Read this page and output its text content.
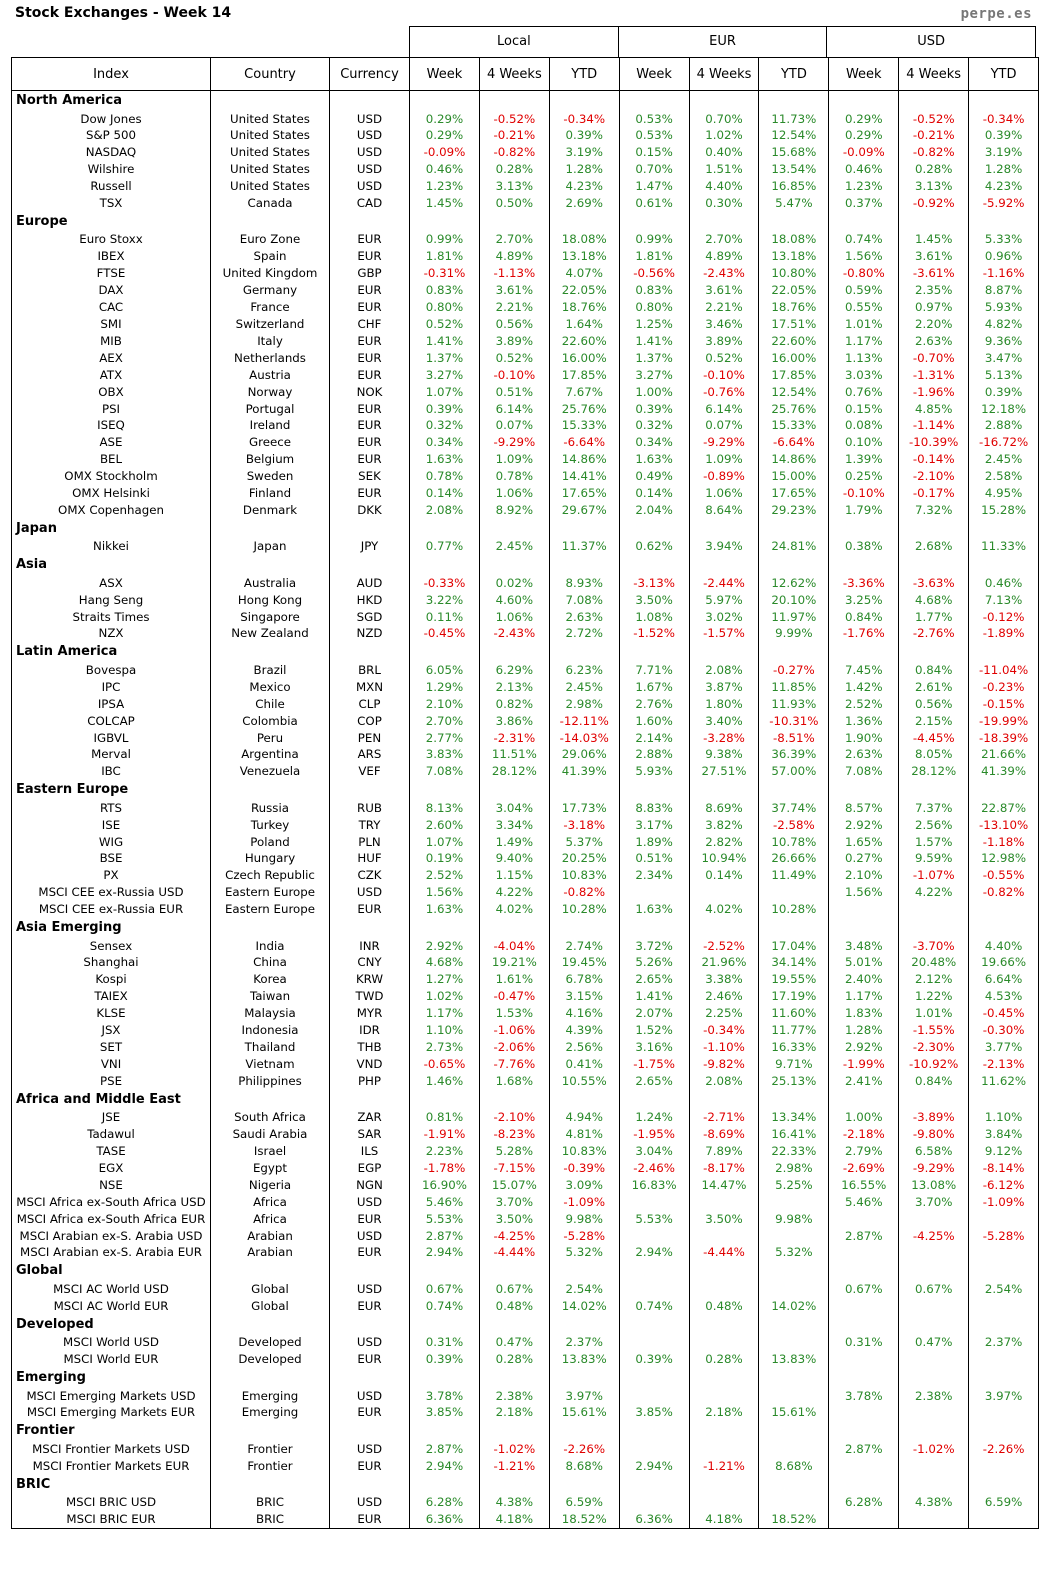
Stock Exchanges - Week 14	perpe.es
Local	EUR	USD
Index	Country	Currency	Week	4 Weeks	YTD	Week	4 Weeks	YTD	Week	4 Weeks	YTD
North America											
Dow Jones	United States	USD	0.29%	-0.52%	-0.34%	0.53%	0.70%	11.73%	0.29%	-0.52%	-0.34%
S&P 500	United States	USD	0.29%	-0.21%	0.39%	0.53%	1.02%	12.54%	0.29%	-0.21%	0.39%
NASDAQ	United States	USD	-0.09%	-0.82%	3.19%	0.15%	0.40%	15.68%	-0.09%	-0.82%	3.19%
Wilshire	United States	USD	0.46%	0.28%	1.28%	0.70%	1.51%	13.54%	0.46%	0.28%	1.28%
Russell	United States	USD	1.23%	3.13%	4.23%	1.47%	4.40%	16.85%	1.23%	3.13%	4.23%
TSX	Canada	CAD	1.45%	0.50%	2.69%	0.61%	0.30%	5.47%	0.37%	-0.92%	-5.92%
Europe											
Euro Stoxx	Euro Zone	EUR	0.99%	2.70%	18.08%	0.99%	2.70%	18.08%	0.74%	1.45%	5.33%
IBEX	Spain	EUR	1.81%	4.89%	13.18%	1.81%	4.89%	13.18%	1.56%	3.61%	0.96%
FTSE	United Kingdom	GBP	-0.31%	-1.13%	4.07%	-0.56%	-2.43%	10.80%	-0.80%	-3.61%	-1.16%
DAX	Germany	EUR	0.83%	3.61%	22.05%	0.83%	3.61%	22.05%	0.59%	2.35%	8.87%
CAC	France	EUR	0.80%	2.21%	18.76%	0.80%	2.21%	18.76%	0.55%	0.97%	5.93%
SMI	Switzerland	CHF	0.52%	0.56%	1.64%	1.25%	3.46%	17.51%	1.01%	2.20%	4.82%
MIB	Italy	EUR	1.41%	3.89%	22.60%	1.41%	3.89%	22.60%	1.17%	2.63%	9.36%
AEX	Netherlands	EUR	1.37%	0.52%	16.00%	1.37%	0.52%	16.00%	1.13%	-0.70%	3.47%
ATX	Austria	EUR	3.27%	-0.10%	17.85%	3.27%	-0.10%	17.85%	3.03%	-1.31%	5.13%
OBX	Norway	NOK	1.07%	0.51%	7.67%	1.00%	-0.76%	12.54%	0.76%	-1.96%	0.39%
PSI	Portugal	EUR	0.39%	6.14%	25.76%	0.39%	6.14%	25.76%	0.15%	4.85%	12.18%
ISEQ	Ireland	EUR	0.32%	0.07%	15.33%	0.32%	0.07%	15.33%	0.08%	-1.14%	2.88%
ASE	Greece	EUR	0.34%	-9.29%	-6.64%	0.34%	-9.29%	-6.64%	0.10%	-10.39%	-16.72%
BEL	Belgium	EUR	1.63%	1.09%	14.86%	1.63%	1.09%	14.86%	1.39%	-0.14%	2.45%
OMX Stockholm	Sweden	SEK	0.78%	0.78%	14.41%	0.49%	-0.89%	15.00%	0.25%	-2.10%	2.58%
OMX Helsinki	Finland	EUR	0.14%	1.06%	17.65%	0.14%	1.06%	17.65%	-0.10%	-0.17%	4.95%
OMX Copenhagen	Denmark	DKK	2.08%	8.92%	29.67%	2.04%	8.64%	29.23%	1.79%	7.32%	15.28%
Japan											
Nikkei	Japan	JPY	0.77%	2.45%	11.37%	0.62%	3.94%	24.81%	0.38%	2.68%	11.33%
Asia											
ASX	Australia	AUD	-0.33%	0.02%	8.93%	-3.13%	-2.44%	12.62%	-3.36%	-3.63%	0.46%
Hang Seng	Hong Kong	HKD	3.22%	4.60%	7.08%	3.50%	5.97%	20.10%	3.25%	4.68%	7.13%
Straits Times	Singapore	SGD	0.11%	1.06%	2.63%	1.08%	3.02%	11.97%	0.84%	1.77%	-0.12%
NZX	New Zealand	NZD	-0.45%	-2.43%	2.72%	-1.52%	-1.57%	9.99%	-1.76%	-2.76%	-1.89%
Latin America											
Bovespa	Brazil	BRL	6.05%	6.29%	6.23%	7.71%	2.08%	-0.27%	7.45%	0.84%	-11.04%
IPC	Mexico	MXN	1.29%	2.13%	2.45%	1.67%	3.87%	11.85%	1.42%	2.61%	-0.23%
IPSA	Chile	CLP	2.10%	0.82%	2.98%	2.76%	1.80%	11.93%	2.52%	0.56%	-0.15%
COLCAP	Colombia	COP	2.70%	3.86%	-12.11%	1.60%	3.40%	-10.31%	1.36%	2.15%	-19.99%
IGBVL	Peru	PEN	2.77%	-2.31%	-14.03%	2.14%	-3.28%	-8.51%	1.90%	-4.45%	-18.39%
Merval	Argentina	ARS	3.83%	11.51%	29.06%	2.88%	9.38%	36.39%	2.63%	8.05%	21.66%
IBC	Venezuela	VEF	7.08%	28.12%	41.39%	5.93%	27.51%	57.00%	7.08%	28.12%	41.39%
Eastern Europe											
RTS	Russia	RUB	8.13%	3.04%	17.73%	8.83%	8.69%	37.74%	8.57%	7.37%	22.87%
ISE	Turkey	TRY	2.60%	3.34%	-3.18%	3.17%	3.82%	-2.58%	2.92%	2.56%	-13.10%
WIG	Poland	PLN	1.07%	1.49%	5.37%	1.89%	2.82%	10.78%	1.65%	1.57%	-1.18%
BSE	Hungary	HUF	0.19%	9.40%	20.25%	0.51%	10.94%	26.66%	0.27%	9.59%	12.98%
PX	Czech Republic	CZK	2.52%	1.15%	10.83%	2.34%	0.14%	11.49%	2.10%	-1.07%	-0.55%
MSCI CEE ex-Russia USD	Eastern Europe	USD	1.56%	4.22%	-0.82%				1.56%	4.22%	-0.82%
MSCI CEE ex-Russia EUR	Eastern Europe	EUR	1.63%	4.02%	10.28%	1.63%	4.02%	10.28%			
Asia Emerging											
Sensex	India	INR	2.92%	-4.04%	2.74%	3.72%	-2.52%	17.04%	3.48%	-3.70%	4.40%
Shanghai	China	CNY	4.68%	19.21%	19.45%	5.26%	21.96%	34.14%	5.01%	20.48%	19.66%
Kospi	Korea	KRW	1.27%	1.61%	6.78%	2.65%	3.38%	19.55%	2.40%	2.12%	6.64%
TAIEX	Taiwan	TWD	1.02%	-0.47%	3.15%	1.41%	2.46%	17.19%	1.17%	1.22%	4.53%
KLSE	Malaysia	MYR	1.17%	1.53%	4.16%	2.07%	2.25%	11.60%	1.83%	1.01%	-0.45%
JSX	Indonesia	IDR	1.10%	-1.06%	4.39%	1.52%	-0.34%	11.77%	1.28%	-1.55%	-0.30%
SET	Thailand	THB	2.73%	-2.06%	2.56%	3.16%	-1.10%	16.33%	2.92%	-2.30%	3.77%
VNI	Vietnam	VND	-0.65%	-7.76%	0.41%	-1.75%	-9.82%	9.71%	-1.99%	-10.92%	-2.13%
PSE	Philippines	PHP	1.46%	1.68%	10.55%	2.65%	2.08%	25.13%	2.41%	0.84%	11.62%
Africa and Middle East											
JSE	South Africa	ZAR	0.81%	-2.10%	4.94%	1.24%	-2.71%	13.34%	1.00%	-3.89%	1.10%
Tadawul	Saudi Arabia	SAR	-1.91%	-8.23%	4.81%	-1.95%	-8.69%	16.41%	-2.18%	-9.80%	3.84%
TASE	Israel	ILS	2.23%	5.28%	10.83%	3.04%	7.89%	22.33%	2.79%	6.58%	9.12%
EGX	Egypt	EGP	-1.78%	-7.15%	-0.39%	-2.46%	-8.17%	2.98%	-2.69%	-9.29%	-8.14%
NSE	Nigeria	NGN	16.90%	15.07%	3.09%	16.83%	14.47%	5.25%	16.55%	13.08%	-6.12%
MSCI Africa ex-South Africa USD	Africa	USD	5.46%	3.70%	-1.09%				5.46%	3.70%	-1.09%
MSCI Africa ex-South Africa EUR	Africa	EUR	5.53%	3.50%	9.98%	5.53%	3.50%	9.98%			
MSCI Arabian ex-S. Arabia USD	Arabian	USD	2.87%	-4.25%	-5.28%				2.87%	-4.25%	-5.28%
MSCI Arabian ex-S. Arabia EUR	Arabian	EUR	2.94%	-4.44%	5.32%	2.94%	-4.44%	5.32%			
Global											
MSCI AC World USD	Global	USD	0.67%	0.67%	2.54%				0.67%	0.67%	2.54%
MSCI AC World EUR	Global	EUR	0.74%	0.48%	14.02%	0.74%	0.48%	14.02%			
Developed											
MSCI World USD	Developed	USD	0.31%	0.47%	2.37%				0.31%	0.47%	2.37%
MSCI World EUR	Developed	EUR	0.39%	0.28%	13.83%	0.39%	0.28%	13.83%			
Emerging											
MSCI Emerging Markets USD	Emerging	USD	3.78%	2.38%	3.97%				3.78%	2.38%	3.97%
MSCI Emerging Markets EUR	Emerging	EUR	3.85%	2.18%	15.61%	3.85%	2.18%	15.61%			
Frontier											
MSCI Frontier Markets USD	Frontier	USD	2.87%	-1.02%	-2.26%				2.87%	-1.02%	-2.26%
MSCI Frontier Markets EUR	Frontier	EUR	2.94%	-1.21%	8.68%	2.94%	-1.21%	8.68%			
BRIC											
MSCI BRIC USD	BRIC	USD	6.28%	4.38%	6.59%				6.28%	4.38%	6.59%
MSCI BRIC EUR	BRIC	EUR	6.36%	4.18%	18.52%	6.36%	4.18%	18.52%			
